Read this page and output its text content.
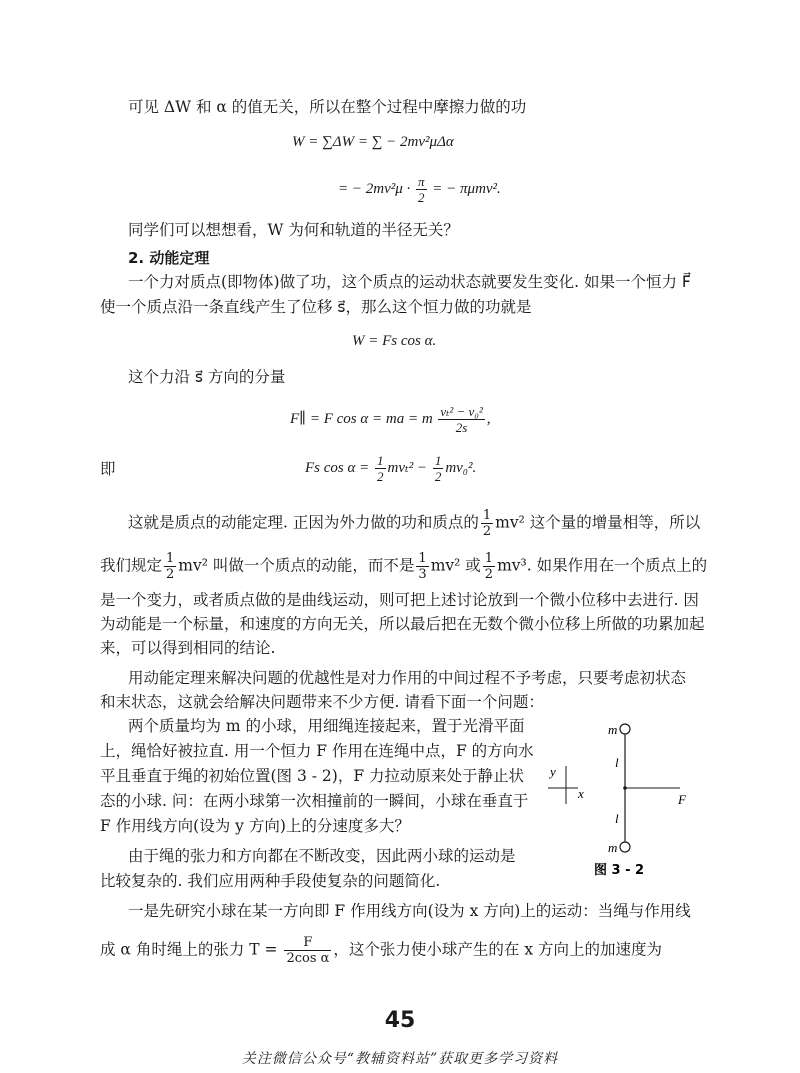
可见 ΔW 和 α 的值无关，所以在整个过程中摩擦力做的功
W = ∑ΔW = ∑ − 2mv²μΔα
= − $2mv^2\mu \cdot \frac{\pi}{2}$ = − πμmv².
同学们可以想想看，W 为何和轨道的半径无关？
2. 动能定理
一个力对质点(即物体)做了功，这个质点的运动状态就要发生变化. 如果一个恒力 F⃗
使一个质点沿一条直线产生了位移 s⃗，那么这个恒力做的功就是
W = Fs cos α.
这个力沿 s⃗ 方向的分量
F∥ = F cos α = ma = m $\frac{\text{vₜ² − v₀²}}{2s}$ ,
即	Fs $\cos \alpha = \frac{1}{2} mv_t^2 - \frac{1}{2} mv_0^2$.
这就是质点的动能定理. 正因为外力做的功和质点的 $\frac{1}{2} mv^2$ 这个量的增量相等，所以
我们规定 $\frac{1}{2} mv^2$ 叫做一个质点的动能，而不是 $\frac{1}{3} mv^2$ 或 $\frac{1}{2} mv^3$. 如果作用在一个质点上的
是一个变力，或者质点做的是曲线运动，则可把上述讨论放到一个微小位移中去进行. 因
为动能是一个标量，和速度的方向无关，所以最后把在无数个微小位移上所做的功累加起
来，可以得到相同的结论.
用动能定理来解决问题的优越性是对力作用的中间过程不予考虑，只要考虑初状态
和末状态，这就会给解决问题带来不少方便. 请看下面一个问题：
两个质量均为 m 的小球，用细绳连接起来，置于光滑平面
上，绳恰好被拉直. 用一个恒力 F 作用在连绳中点，F 的方向水
平且垂直于绳的初始位置(图 3 - 2)，F 力拉动原来处于静止状
态的小球. 问：在两小球第一次相撞前的一瞬间，小球在垂直于
F 作用线方向(设为 y 方向)上的分速度多大？
由于绳的张力和方向都在不断改变，因此两小球的运动是
比较复杂的. 我们应用两种手段使复杂的问题简化.
一是先研究小球在某一方向即 F 作用线方向(设为 x 方向)上的运动：当绳与作用线
成 α 角时绳上的张力 $T = \frac{F}{\text{2cos α}}$ ，这个张力使小球产生的在 x 方向上的加速度为
y
x
m
m
l
l
F
图 3 - 2
45
关注微信公众号“教辅资料站”获取更多学习资料
